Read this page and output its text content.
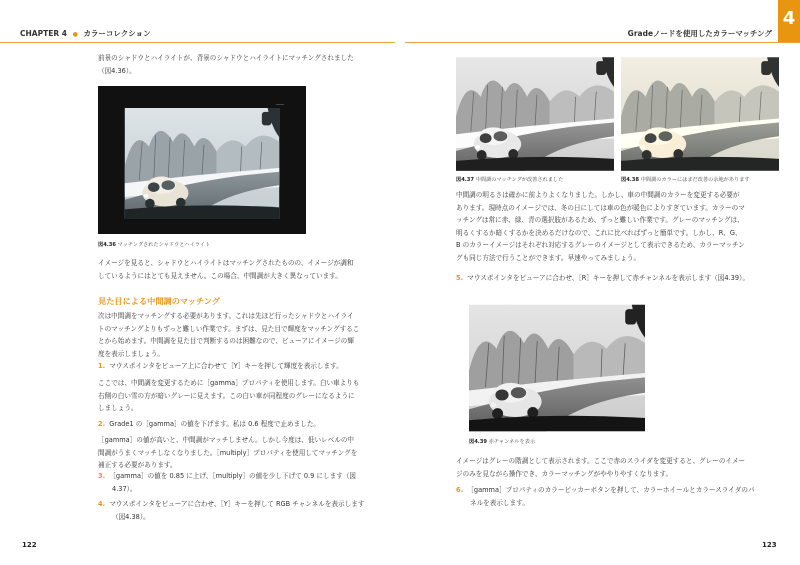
CHAPTER 4 ● カラーコレクション	Gradeノードを使用したカラーマッチング
4
前景のシャドウとハイライトが、背景のシャドウとハイライトにマッチングされました（図4.36）。
図4.36 マッチングされたシャドウとハイライト
イメージを見ると、シャドウとハイライトはマッチングされたものの、イメージが調和しているようにはとても見えません。この場合、中間調が大きく異なっています。
見た目による中間調のマッチング
次は中間調をマッチングする必要があります。これは先ほど行ったシャドウとハイライトのマッチングよりもずっと難しい作業です。まずは、見た目で輝度をマッチングすることから始めます。中間調を見た目で判断するのは困難なので、ビューアにイメージの輝度を表示しましょう。
1. マウスポインタをビューア上に合わせて［Y］キーを押して輝度を表示します。
ここでは、中間調を変更するために［gamma］プロパティを使用します。白い車よりも右側の白い雪の方が暗いグレーに見えます。この白い車が同程度のグレーになるようにしましょう。
2. Grade1 の［gamma］の値を下げます。私は 0.6 程度で止めました。
［gamma］の値が高いと、中間調がマッチしません。しかし今度は、低いレベルの中間調がうまくマッチしなくなりました。［multiply］プロパティを使用してマッチングを補正する必要があります。
3. ［gamma］の値を 0.85 に上げ、［multiply］の値を少し下げて 0.9 にします（図4.37）。
4. マウスポインタをビューアに合わせ、［Y］キーを押して RGB チャンネルを表示します（図4.38）。
122
図4.37 中間調のマッチングが改善されました	図4.38 中間調のカラーにはまだ改善の余地があります
中間調の明るさは確かに前よりよくなりました。しかし、車の中間調のカラーを変更する必要があります。現時点のイメージでは、冬の日にしては車の色が暖色によりすぎています。カラーのマッチングは常に赤、緑、青の選択肢があるため、ずっと難しい作業です。グレーのマッチングは、明るくするか暗くするかを決めるだけなので、これに比べればずっと簡単です。しかし、R、G、B のカラーイメージはそれぞれ対応するグレーのイメージとして表示できるため、カラーマッチングも同じ方法で行うことができます。早速やってみましょう。
5. マウスポインタをビューアに合わせ、［R］キーを押して赤チャンネルを表示します（図4.39）。
図4.39 赤チャンネルを表示
イメージはグレーの階調として表示されます。ここで赤のスライダを変更すると、グレーのイメージのみを見ながら操作でき、カラーマッチングがややりやすくなります。
6. ［gamma］プロパティのカラーピッカーボタンを押して、カラーホイールとカラースライダのパネルを表示します。
123
